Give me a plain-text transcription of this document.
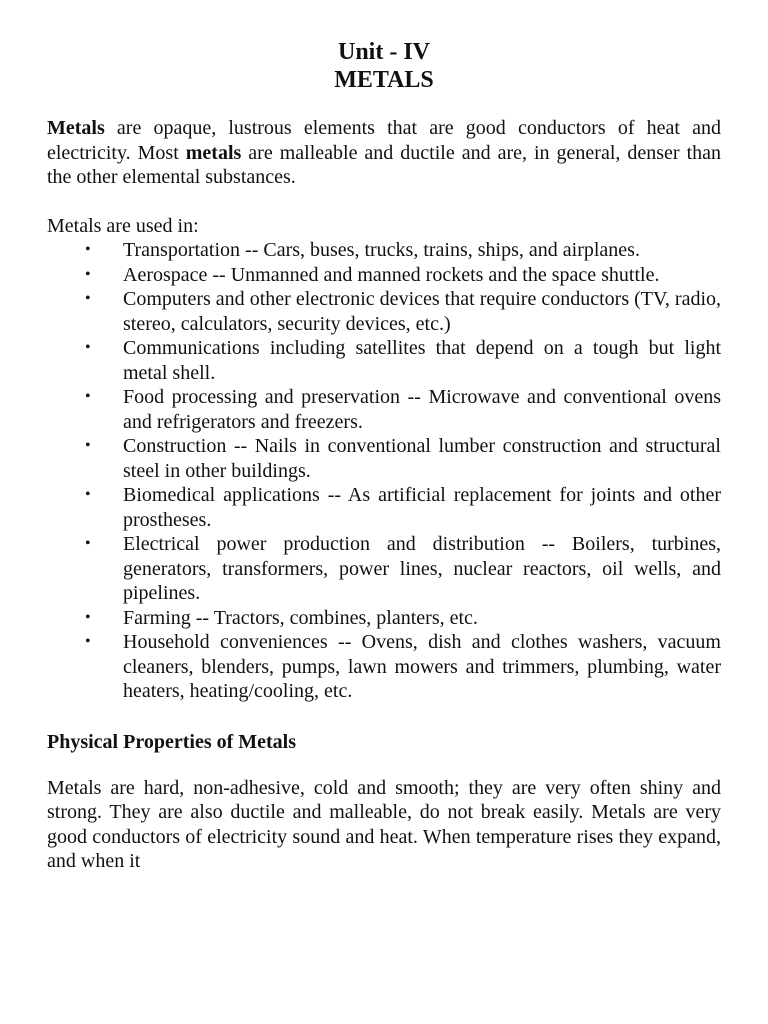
Unit - IV
METALS

Metals are opaque, lustrous elements that are good conductors of heat and electricity. Most metals are malleable and ductile and are, in general, denser than the other elemental substances.

Metals are used in:
• Transportation -- Cars, buses, trucks, trains, ships, and airplanes.
• Aerospace -- Unmanned and manned rockets and the space shuttle.
• Computers and other electronic devices that require conductors (TV, radio, stereo, calculators, security devices, etc.)
• Communications including satellites that depend on a tough but light metal shell.
• Food processing and preservation -- Microwave and conventional ovens and refrigerators and freezers.
• Construction -- Nails in conventional lumber construction and structural steel in other buildings.
• Biomedical applications -- As artificial replacement for joints and other prostheses.
• Electrical power production and distribution -- Boilers, turbines, generators, transformers, power lines, nuclear reactors, oil wells, and pipelines.
• Farming -- Tractors, combines, planters, etc.
• Household conveniences -- Ovens, dish and clothes washers, vacuum cleaners, blenders, pumps, lawn mowers and trimmers, plumbing, water heaters, heating/cooling, etc.
Physical Properties of Metals

Metals are hard, non-adhesive, cold and smooth; they are very often shiny and strong. They are also ductile and malleable, do not break easily. Metals are very good conductors of electricity sound and heat. When temperature rises they expand, and when it
